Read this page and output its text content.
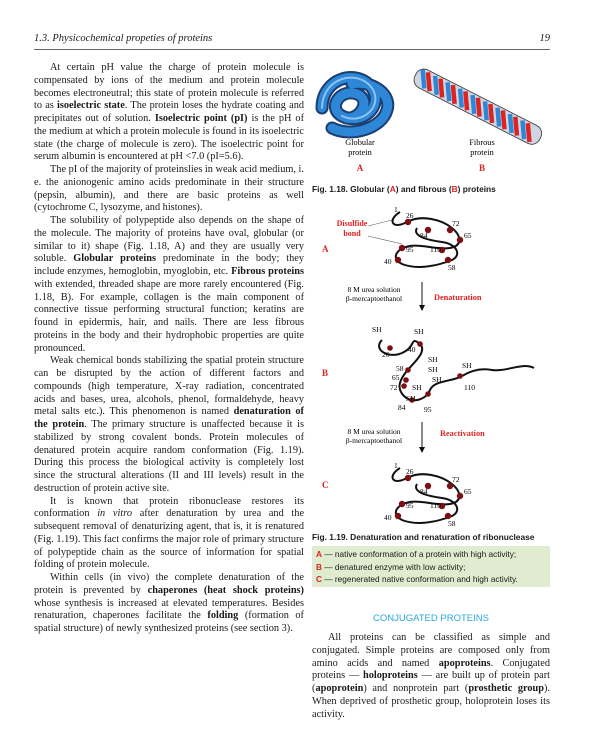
1.3. Physicochemical propeties of proteins	19

At certain pH value the charge of protein molecule is compensated by ions of the medium and protein molecule becomes electroneutral; this state of protein molecule is referred to as isoelectric state. The protein loses the hydrate coating and precipitates out of solution. Isoelectric point (pI) is the pH of the medium at which a protein molecule is found in its isoelectric state (the charge of molecule is zero). The isoelectric point for serum albumin is encountered at pH <7.0 (pI=5.6).

The pI of the majority of proteinslies in weak acid medium, i. e. the anionogenic amino acids predominate in their structure (pepsin, albumin), and there are basic proteins as well (cytochrome C, lysozyme, and histones).

The solubility of polypeptide also depends on the shape of the molecule. The majority of proteins have oval, globular (or similar to it) shape (Fig. 1.18, A) and they are usually very soluble. Globular proteins predominate in the body; they include enzymes, hemoglobin, myoglobin, etc. Fibrous proteins with extended, threaded shape are more rarely encountered (Fig. 1.18, B). For example, collagen is the main component of connective tissue performing structural function; keratins are found in epidermis, hair, and nails. There are less fibrous proteins in the body and their hydrophobic properties are quite pronounced.

Weak chemical bonds stabilizing the spatial protein structure can be disrupted by the action of different factors and compounds (high temperature, X-ray radiation, concentrated acids and bases, urea, alcohols, phenol, formaldehyde, heavy metal salts etc.). This phenomenon is named denaturation of the protein. The primary structure is unaffected because it is stabilized by strong covalent bonds. Protein molecules of denatured protein acquire random conformation (Fig. 1.19). During this process the biological activity is completely lost since the structural alterations (II and III levels) result in the destruction of protein active site.

It is known that protein ribonuclease restores its conformation in vitro after denaturation by urea and the subsequent removal of denaturizing agent, that is, it is renatured (Fig. 1.19). This fact confirms the major role of primary structure of polypeptide chain as the source of information for spatial folding of protein molecule.

Within cells (in vivo) the complete denaturation of the protein is prevented by chaperones (heat shock proteins) whose synthesis is increased at elevated temperatures. Besides renaturation, chaperones facilitate the folding (formation of spatial structure) of newly synthesized proteins (see section 3).

Globular
protein
Fibrous
protein
A	B
Fig. 1.18. Globular (A) and fibrous (B) proteins
A
Disulfide
bond
1
26
72
84	65
95 110
40
58
8 M urea solution
β-mercaptoethanol	Denaturation
B
26
40
58
65
72
84 95
110
SH	SH
SH
SH
SH
SH
SH
SH
8 M urea solution
β-mercaptoethanol
Reactivation
C
1
26
72
84	65
95 110
40
58
Fig. 1.19. Denaturation and renaturation of ribonuclease
A — native conformation of a protein with high activity;
B — denatured enzyme with low activity;
C — regenerated native conformation and high activity.
CONJUGATED PROTEINS

All proteins can be classified as simple and conjugated. Simple proteins are composed only from amino acids and named apoproteins. Conjugated proteins — holoproteins — are built up of protein part (apoprotein) and nonprotein part (prosthetic group). When deprived of prosthetic group, holoprotein loses its activity.
